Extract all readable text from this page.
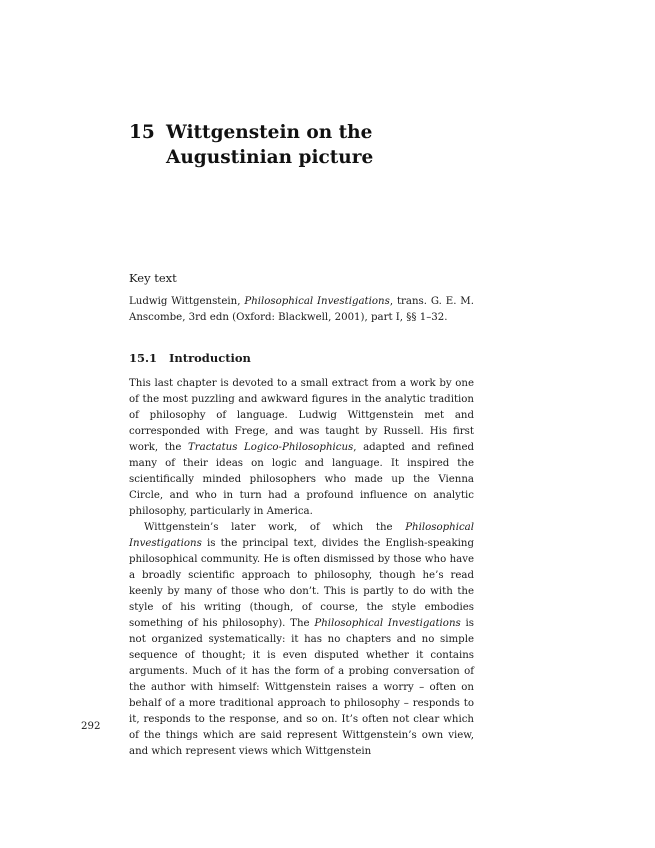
15 Wittgenstein on the Augustinian picture
Key text
Ludwig Wittgenstein, Philosophical Investigations, trans. G. E. M. Anscombe, 3rd edn (Oxford: Blackwell, 2001), part I, §§ 1–32.
15.1 Introduction

This last chapter is devoted to a small extract from a work by one of the most puzzling and awkward figures in the analytic tradition of philosophy of language. Ludwig Wittgenstein met and corresponded with Frege, and was taught by Russell. His first work, the Tractatus Logico-Philosophicus, adapted and refined many of their ideas on logic and language. It inspired the scientifically minded philosophers who made up the Vienna Circle, and who in turn had a profound influence on analytic philosophy, particularly in America.

Wittgenstein’s later work, of which the Philosophical Investigations is the principal text, divides the English-speaking philosophical community. He is often dismissed by those who have a broadly scientific approach to philosophy, though he’s read keenly by many of those who don’t. This is partly to do with the style of his writing (though, of course, the style embodies something of his philosophy). The Philosophical Investigations is not organized systematically: it has no chapters and no simple sequence of thought; it is even disputed whether it contains arguments. Much of it has the form of a probing conversation of the author with himself: Wittgenstein raises a worry – often on behalf of a more traditional approach to philosophy – responds to it, responds to the response, and so on. It’s often not clear which of the things which are said represent Wittgenstein’s own view, and which represent views which Wittgenstein

292
